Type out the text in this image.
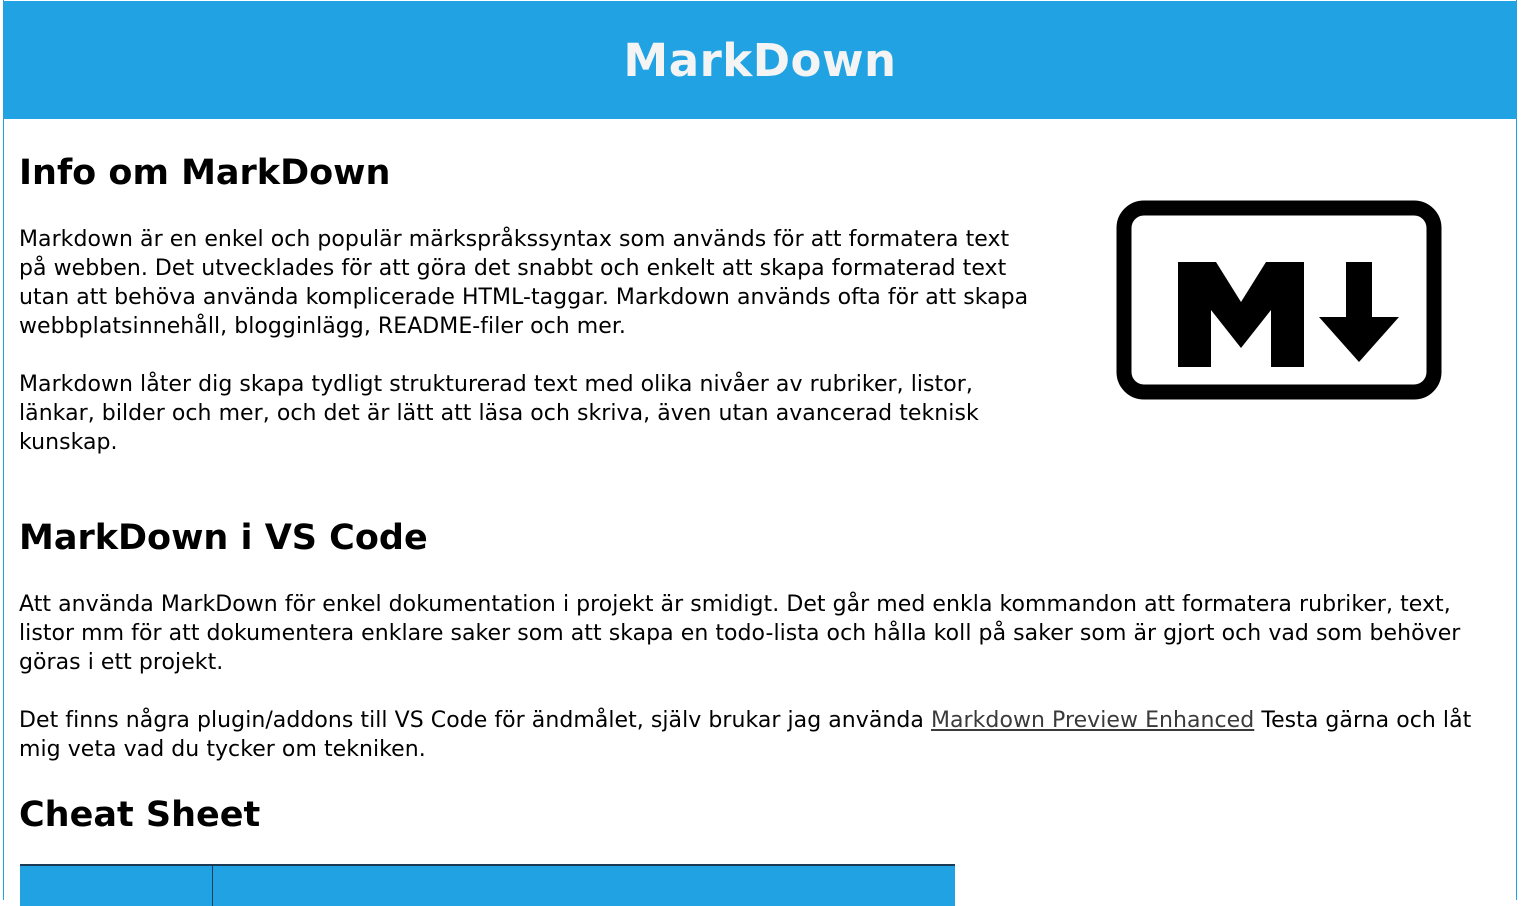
MarkDown
Info om MarkDown

Markdown är en enkel och populär märkspråkssyntax som används för att formatera text på webben. Det utvecklades för att göra det snabbt och enkelt att skapa formaterad text utan att behöva använda komplicerade HTML-taggar. Markdown används ofta för att skapa webbplatsinnehåll, blogginlägg, README-filer och mer.

Markdown låter dig skapa tydligt strukturerad text med olika nivåer av rubriker, listor, länkar, bilder och mer, och det är lätt att läsa och skriva, även utan avancerad teknisk kunskap.

MarkDown i VS Code

Att använda MarkDown för enkel dokumentation i projekt är smidigt. Det går med enkla kommandon att formatera rubriker, text, listor mm för att dokumentera enklare saker som att skapa en todo-lista och hålla koll på saker som är gjort och vad som behöver göras i ett projekt.

Det finns några plugin/addons till VS Code för ändmålet, själv brukar jag använda Markdown Preview Enhanced Testa gärna och låt mig veta vad du tycker om tekniken.

Cheat Sheet
